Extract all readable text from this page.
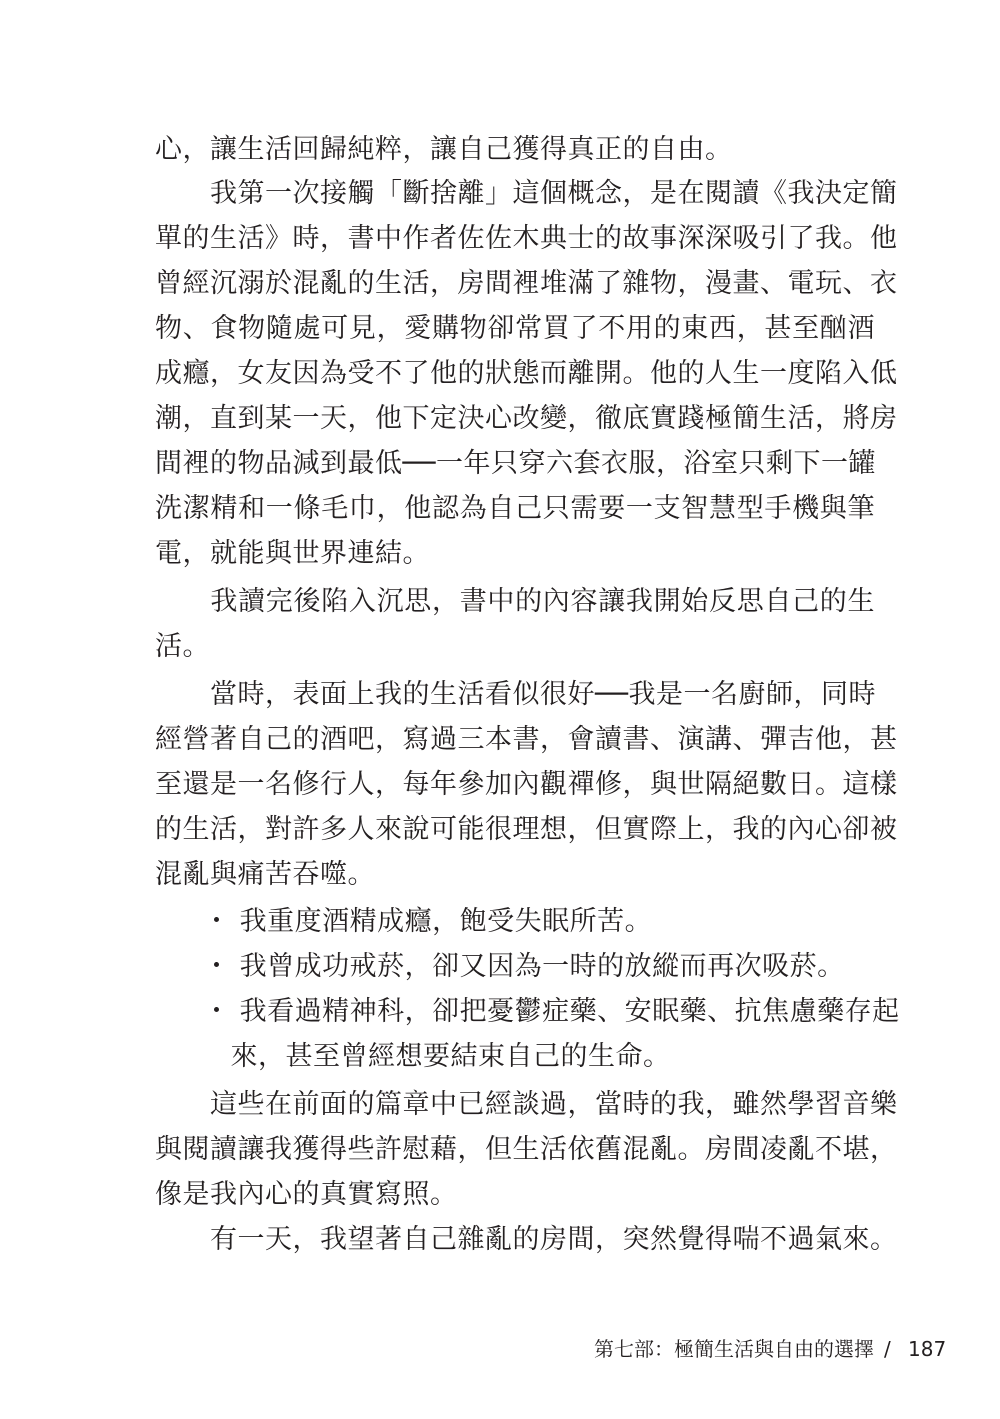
心，讓生活回歸純粹，讓自己獲得真正的自由。
　　我第一次接觸「斷捨離」這個概念，是在閱讀《我決定簡
單的生活》時，書中作者佐佐木典士的故事深深吸引了我。他
曾經沉溺於混亂的生活，房間裡堆滿了雜物，漫畫、電玩、衣
物、食物隨處可見，愛購物卻常買了不用的東西，甚至酗酒
成癮，女友因為受不了他的狀態而離開。他的人生一度陷入低
潮，直到某一天，他下定決心改變，徹底實踐極簡生活，將房
間裡的物品減到最低──一年只穿六套衣服，浴室只剩下一罐
洗潔精和一條毛巾，他認為自己只需要一支智慧型手機與筆
電，就能與世界連結。
　　我讀完後陷入沉思，書中的內容讓我開始反思自己的生
活。
　　當時，表面上我的生活看似很好──我是一名廚師，同時
經營著自己的酒吧，寫過三本書，會讀書、演講、彈吉他，甚
至還是一名修行人，每年參加內觀禪修，與世隔絕數日。這樣
的生活，對許多人來說可能很理想，但實際上，我的內心卻被
混亂與痛苦吞噬。
・ 我重度酒精成癮，飽受失眠所苦。
・ 我曾成功戒菸，卻又因為一時的放縱而再次吸菸。
・ 我看過精神科，卻把憂鬱症藥、安眠藥、抗焦慮藥存起
　來，甚至曾經想要結束自己的生命。
　　這些在前面的篇章中已經談過，當時的我，雖然學習音樂
與閱讀讓我獲得些許慰藉，但生活依舊混亂。房間凌亂不堪，
像是我內心的真實寫照。
　　有一天，我望著自己雜亂的房間，突然覺得喘不過氣來。
第七部：極簡生活與自由的選擇 / 187
